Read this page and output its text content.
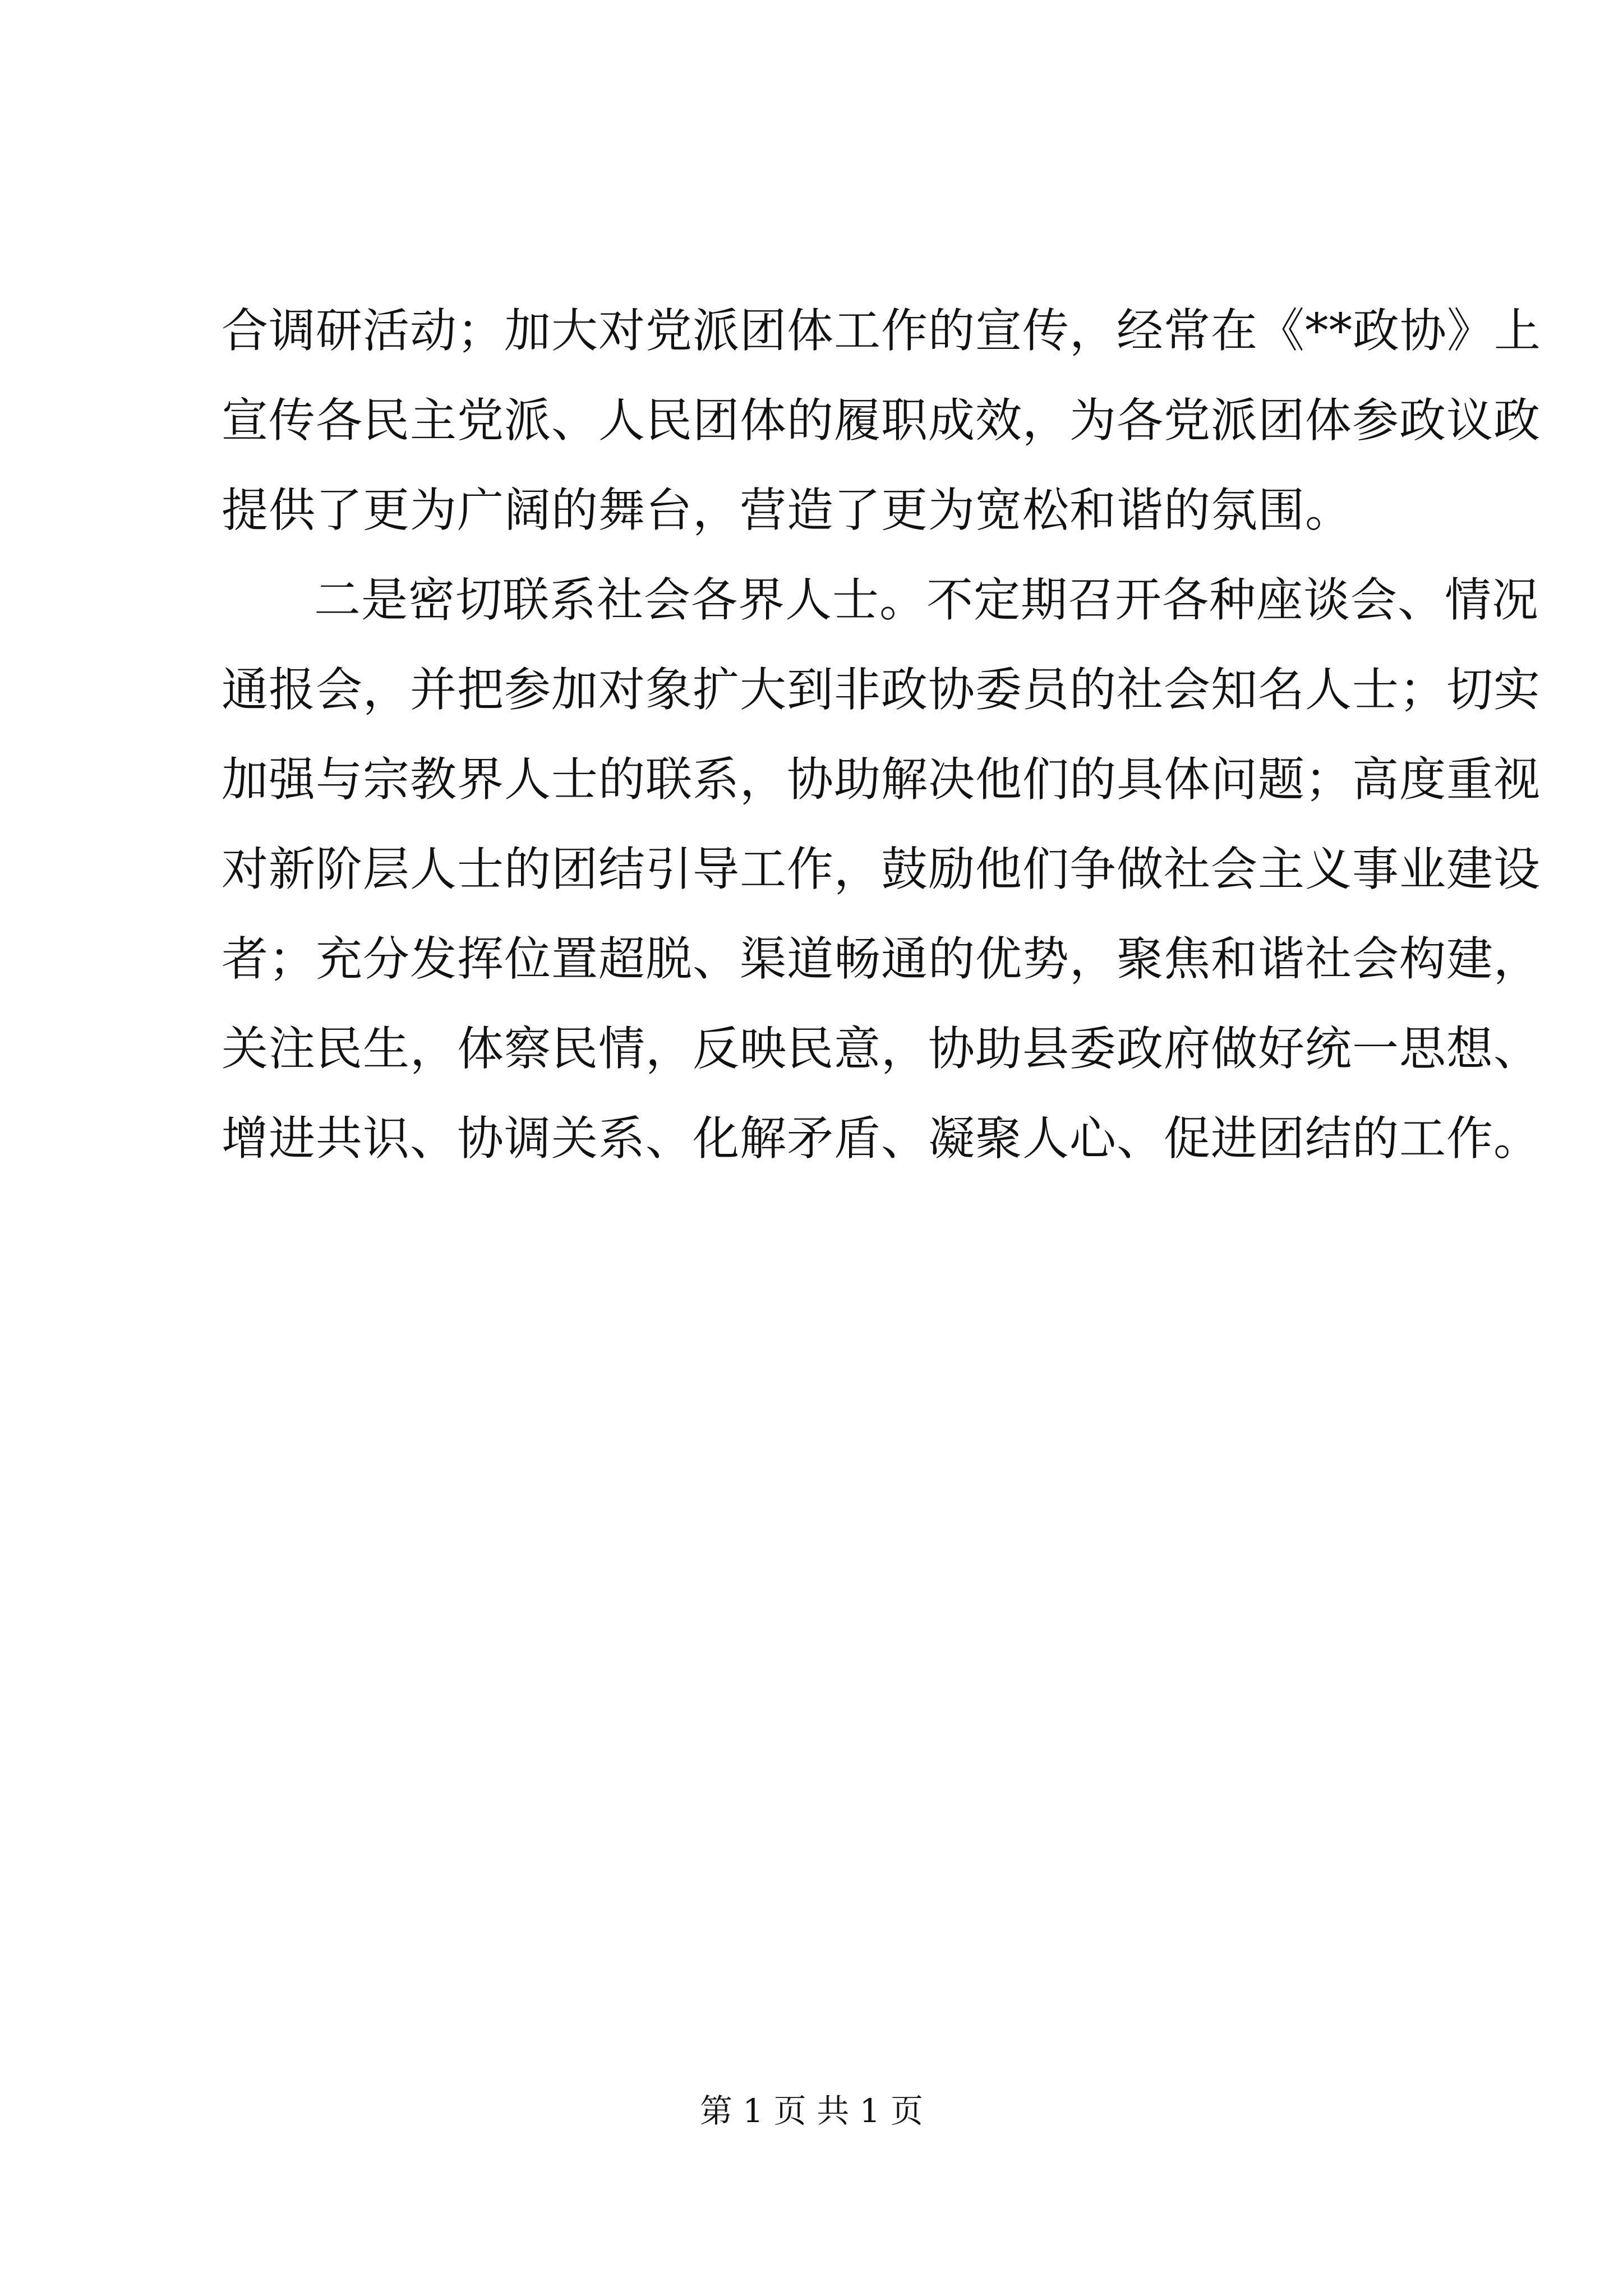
合调研活动；加大对党派团体工作的宣传，经常在《**政协》上
宣传各民主党派、人民团体的履职成效，为各党派团体参政议政
提供了更为广阔的舞台，营造了更为宽松和谐的氛围。
二是密切联系社会各界人士。不定期召开各种座谈会、情况
通报会，并把参加对象扩大到非政协委员的社会知名人士；切实
加强与宗教界人士的联系，协助解决他们的具体问题；高度重视
对新阶层人士的团结引导工作，鼓励他们争做社会主义事业建设
者；充分发挥位置超脱、渠道畅通的优势，聚焦和谐社会构建，
关注民生，体察民情，反映民意，协助县委政府做好统一思想、
增进共识、协调关系、化解矛盾、凝聚人心、促进团结的工作。
第 1 页 共 1 页
